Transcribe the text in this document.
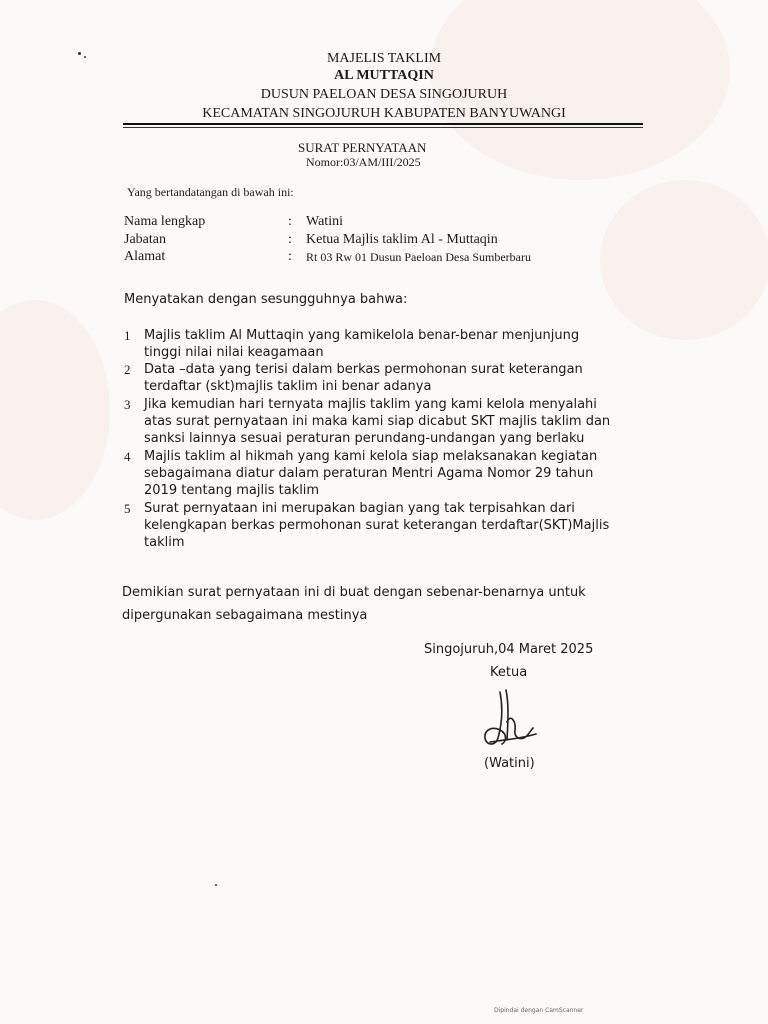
MAJELIS TAKLIM
AL MUTTAQIN
DUSUN PAELOAN DESA SINGOJURUH
KECAMATAN SINGOJURUH KABUPATEN BANYUWANGI
SURAT PERNYATAAN
Nomor:03/AM/III/2025
Yang bertandatangan di bawah ini:
Nama lengkap	: Watini
Jabatan	: Ketua Majlis taklim Al - Muttaqin
Alamat	: Rt 03 Rw 01 Dusun Paeloan Desa Sumberbaru
Menyatakan dengan sesungguhnya bahwa:
1 Majlis taklim Al Muttaqin yang kamikelola benar-benar menjunjung
tinggi nilai nilai keagamaan
2 Data –data yang terisi dalam berkas permohonan surat keterangan
terdaftar (skt)majlis taklim ini benar adanya
3 Jika kemudian hari ternyata majlis taklim yang kami kelola menyalahi
atas surat pernyataan ini maka kami siap dicabut SKT majlis taklim dan
sanksi lainnya sesuai peraturan perundang-undangan yang berlaku
4 Majlis taklim al hikmah yang kami kelola siap melaksanakan kegiatan
sebagaimana diatur dalam peraturan Mentri Agama Nomor 29 tahun
2019 tentang majlis taklim
5 Surat pernyataan ini merupakan bagian yang tak terpisahkan dari
kelengkapan berkas permohonan surat keterangan terdaftar(SKT)Majlis
taklim
Demikian surat pernyataan ini di buat dengan sebenar-benarnya untuk
dipergunakan sebagaimana mestinya
Singojuruh,04 Maret 2025
Ketua
(Watini)
Dipindai dengan CamScanner
